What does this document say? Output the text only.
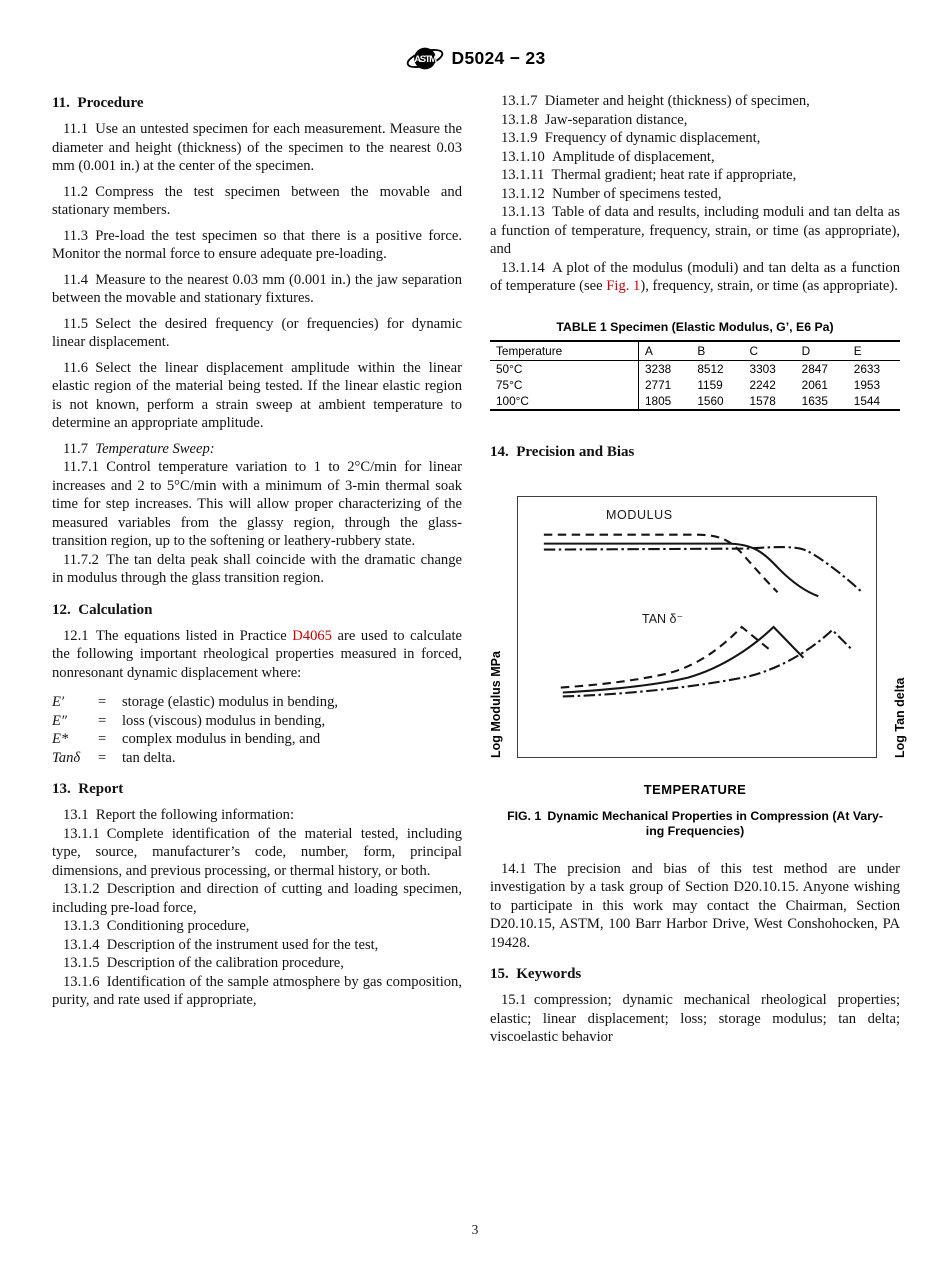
ASTM D5024 − 23
11. Procedure

11.1 Use an untested specimen for each measurement. Measure the diameter and height (thickness) of the specimen to the nearest 0.03 mm (0.001 in.) at the center of the specimen.

11.2 Compress the test specimen between the movable and stationary members.

11.3 Pre-load the test specimen so that there is a positive force. Monitor the normal force to ensure adequate pre-loading.

11.4 Measure to the nearest 0.03 mm (0.001 in.) the jaw separation between the movable and stationary fixtures.

11.5 Select the desired frequency (or frequencies) for dynamic linear displacement.

11.6 Select the linear displacement amplitude within the linear elastic region of the material being tested. If the linear elastic region is not known, perform a strain sweep at ambient temperature to determine an appropriate amplitude.

11.7 Temperature Sweep:

11.7.1 Control temperature variation to 1 to 2°C/min for linear increases and 2 to 5°C/min with a minimum of 3-min thermal soak time for step increases. This will allow proper characterizing of the measured variables from the glassy region, through the glass-transition region, up to the softening or leathery-rubbery state.

11.7.2 The tan delta peak shall coincide with the dramatic change in modulus through the glass transition region.

12. Calculation

12.1 The equations listed in Practice D4065 are used to calculate the following important rheological properties measured in forced, nonresonant dynamic displacement where:

E′	=	storage (elastic) modulus in bending,
E″	=	loss (viscous) modulus in bending,
E*	=	complex modulus in bending, and
Tanδ	=	tan delta.
13. Report

13.1 Report the following information:

13.1.1 Complete identification of the material tested, including type, source, manufacturer’s code, number, form, principal dimensions, and previous processing, or thermal history, or both.

13.1.2 Description and direction of cutting and loading specimen, including pre-load force,

13.1.3 Conditioning procedure,

13.1.4 Description of the instrument used for the test,

13.1.5 Description of the calibration procedure,

13.1.6 Identification of the sample atmosphere by gas composition, purity, and rate used if appropriate,

13.1.7 Diameter and height (thickness) of specimen,

13.1.8 Jaw-separation distance,

13.1.9 Frequency of dynamic displacement,

13.1.10 Amplitude of displacement,

13.1.11 Thermal gradient; heat rate if appropriate,

13.1.12 Number of specimens tested,

13.1.13 Table of data and results, including moduli and tan delta as a function of temperature, frequency, strain, or time (as appropriate), and

13.1.14 A plot of the modulus (moduli) and tan delta as a function of temperature (see Fig. 1), frequency, strain, or time (as appropriate).

TABLE 1 Specimen (Elastic Modulus, G’, E6 Pa)
Temperature	A	B	C	D	E
50°C	3238	8512	3303	2847	2633
75°C	2771	1159	2242	2061	1953
100°C	1805	1560	1578	1635	1544
14. Precision and Bias
Log Modulus MPa	Log Tan delta
MODULUS
TAN δ⁻
TEMPERATURE
FIG. 1 Dynamic Mechanical Properties in Compression (At Vary-
ing Frequencies)

14.1 The precision and bias of this test method are under investigation by a task group of Section D20.10.15. Anyone wishing to participate in this work may contact the Chairman, Section D20.10.15, ASTM, 100 Barr Harbor Drive, West Conshohocken, PA 19428.

15. Keywords

15.1 compression; dynamic mechanical rheological properties; elastic; linear displacement; loss; storage modulus; tan delta; viscoelastic behavior

3
